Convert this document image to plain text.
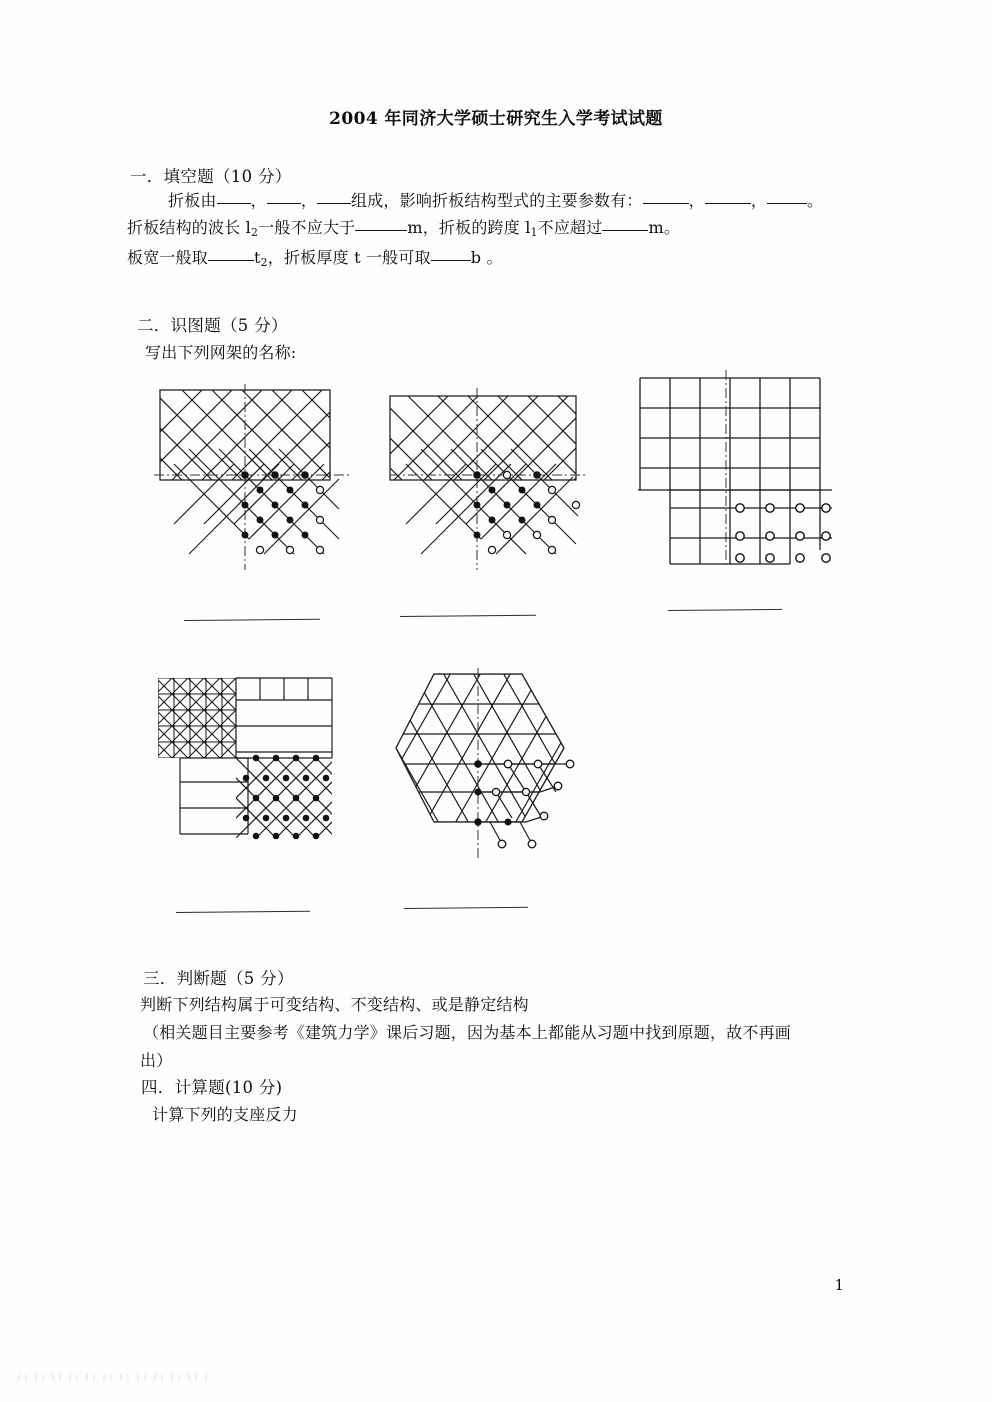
2004 年同济大学硕士研究生入学考试试题
一．填空题（10 分）
折板由 ， ， 组成，影响折板结构型式的主要参数有：	，	，	。
折板结构的波长 $l_2$一般不应大于	m，折板的跨度 $l_1$不应超过	m。
板宽一般取	$t_2$，折板厚度 t 一般可取	b 。
二．识图题（5 分）
写出下列网架的名称:
三．判断题（5 分）
判断下列结构属于可变结构、不变结构、或是静定结构
（相关题目主要参考《建筑力学》课后习题，因为基本上都能从习题中找到原题，故不再画
出）
四．计算题(10 分)
计算下列的支座反力
1
